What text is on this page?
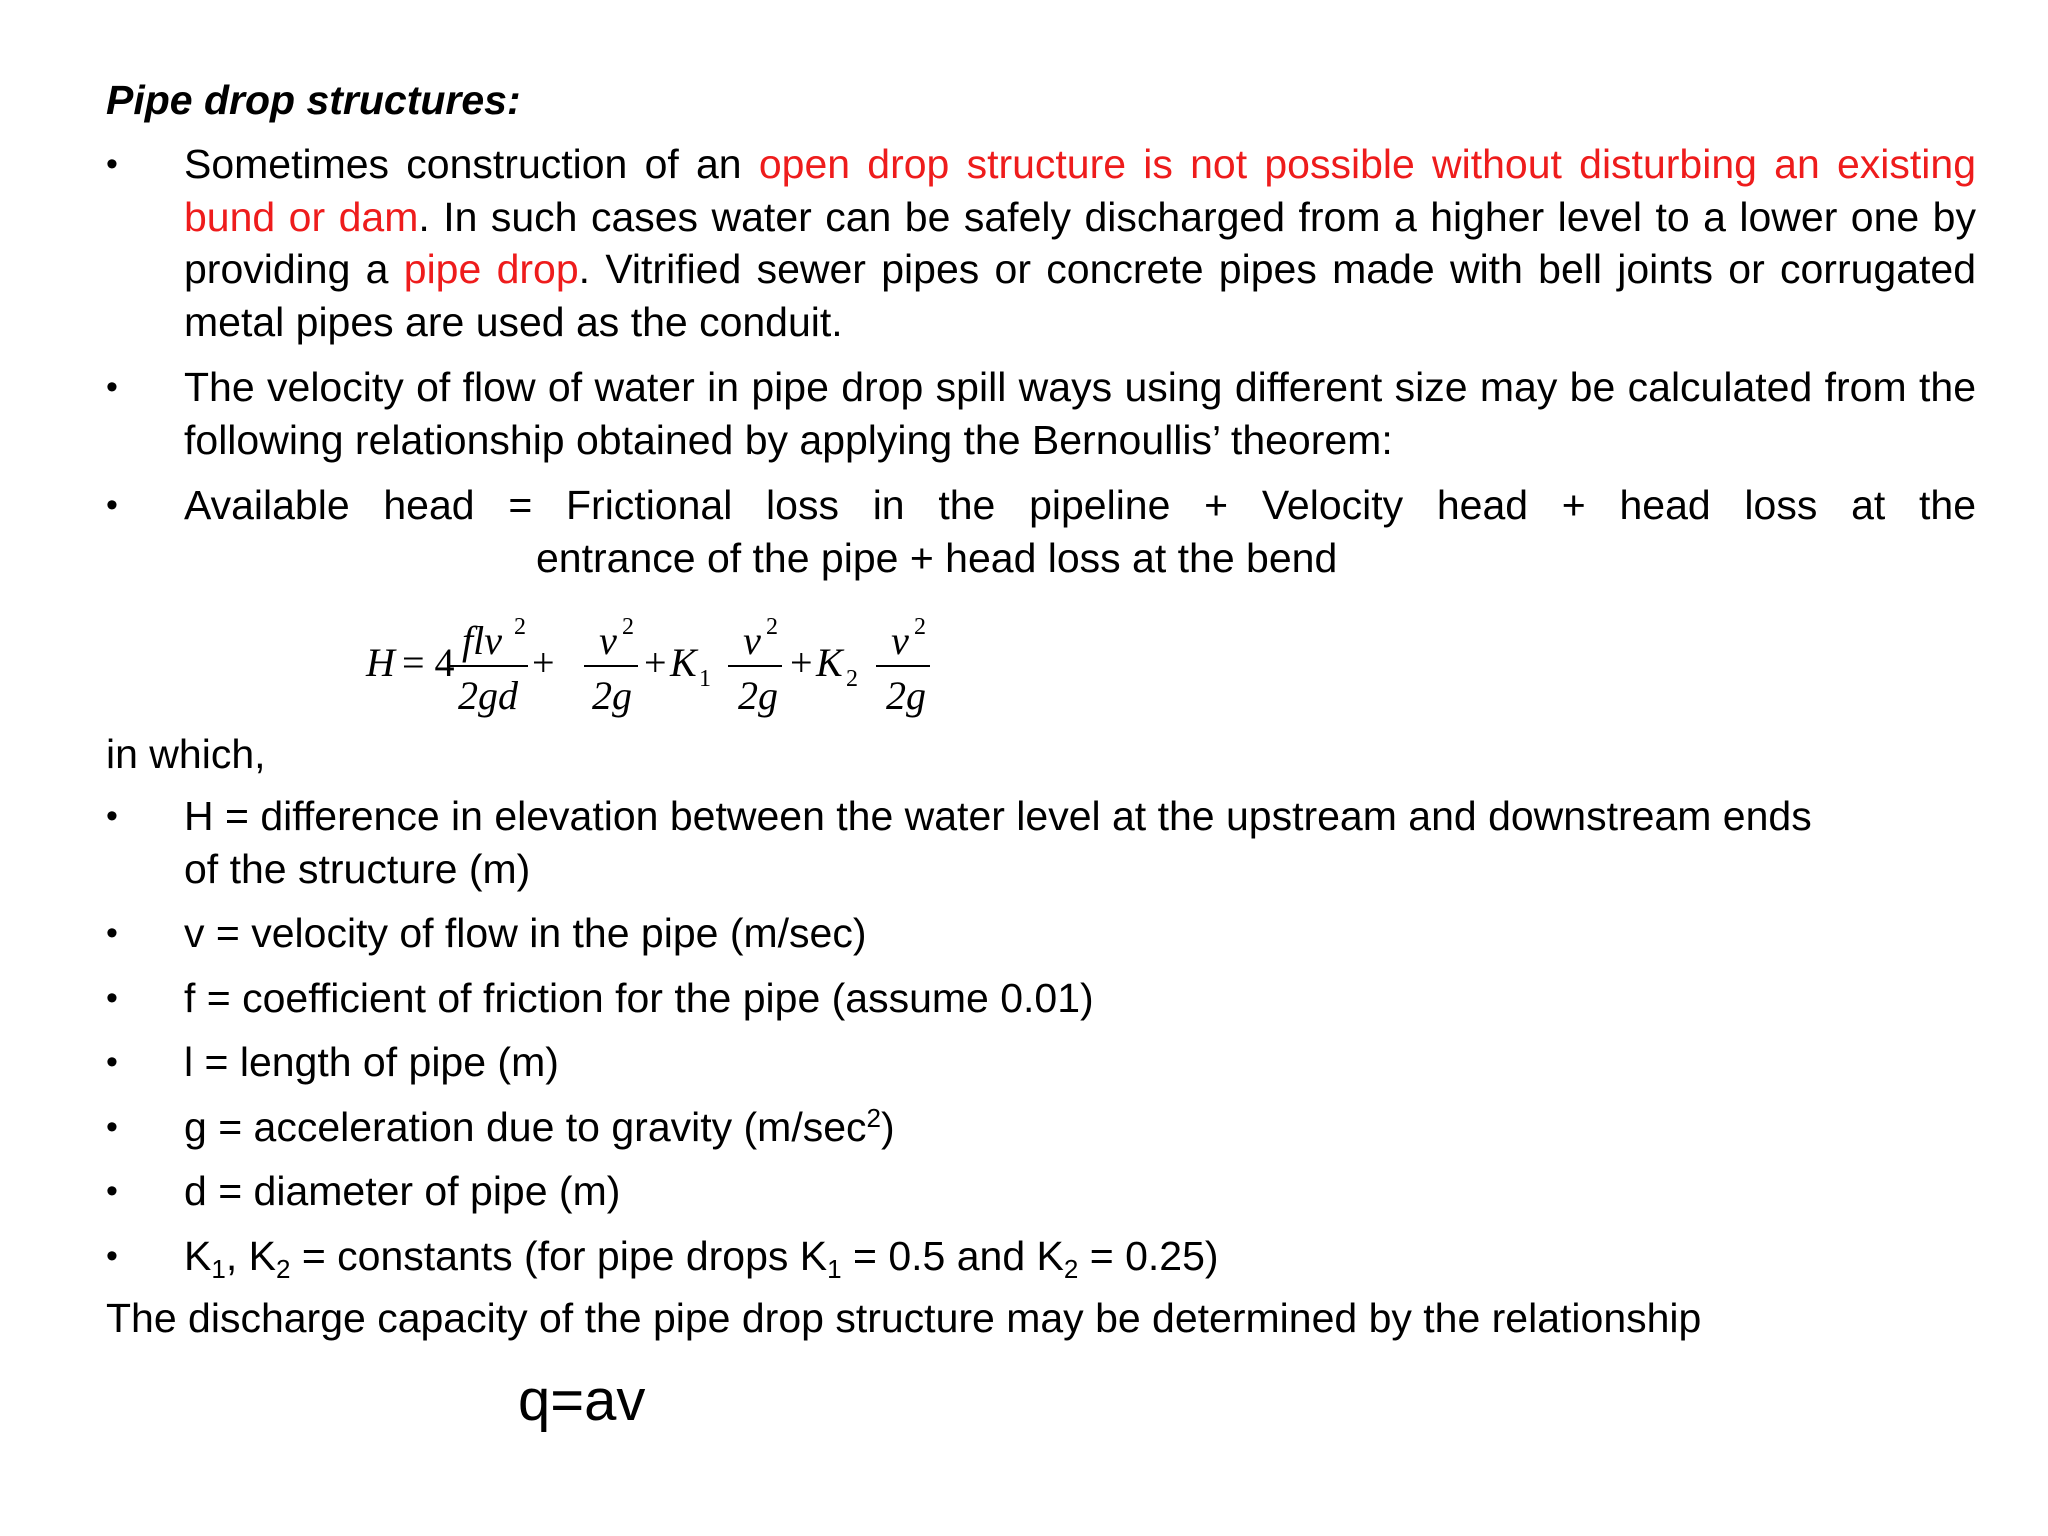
Pipe drop structures:
•	Sometimes construction of an open drop structure is not possible without disturbing an existing bund or dam. In such cases water can be safely discharged from a higher level to a lower one by providing a pipe drop. Vitrified sewer pipes or concrete pipes made with bell joints or corrugated metal pipes are used as the conduit.
•	The velocity of flow of water in pipe drop spill ways using different size may be calculated from the following relationship obtained by applying the Bernoullis’ theorem:
•	Available head = Frictional loss in the pipeline + Velocity head + head loss at the
entrance of the pipe + head loss at the bend
H = 4 flv 2
2gd
+ v 2
2g
+ K 1
v 2
2g
+ K 2
v 2
2g
in which,
•	H = difference in elevation between the water level at the upstream and downstream ends
of the structure (m)
•	v = velocity of flow in the pipe (m/sec)
•	f = coefficient of friction for the pipe (assume 0.01)
•	l = length of pipe (m)
•	g = acceleration due to gravity $(m/\sec^2)$
•	d = diameter of pipe (m)
•	$K_1$, $K_2$ = constants (for pipe drops $K_1 = 0.5$ and $K_2 = 0.25$)
The discharge capacity of the pipe drop structure may be determined by the relationship
q=av
